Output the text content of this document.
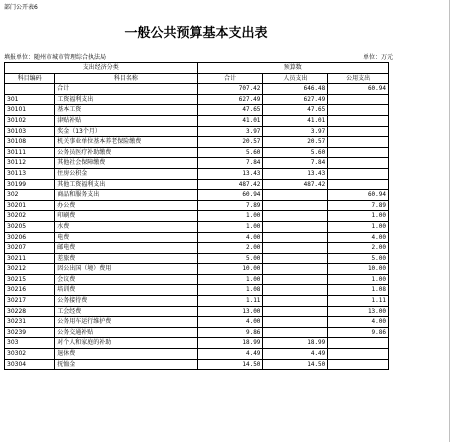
部门公开表6
一般公共预算基本支出表
填报单位：随州市城市管理综合执法局	单位：万元
支出经济分类		预算数		
科目编码	科目名称	合计	人员支出	公用支出
	合计	707.42	646.48	60.94
301	工资福利支出	627.49	627.49	
30101	基本工资	47.65	47.65	
30102	津贴补贴	41.01	41.01	
30103	奖金（13个月）	3.97	3.97	
30108	机关事业单位基本养老保险缴费	20.57	20.57	
30111	公务员医疗补助缴费	5.60	5.60	
30112	其他社会保障缴费	7.84	7.84	
30113	住房公积金	13.43	13.43	
30199	其他工资福利支出	487.42	487.42	
302	商品和服务支出	60.94		60.94
30201	办公费	7.89		7.89
30202	印刷费	1.00		1.00
30205	水费	1.00		1.00
30206	电费	4.00		4.00
30207	邮电费	2.00		2.00
30211	差旅费	5.00		5.00
30212	因公出国（境）费用	10.00		10.00
30215	会议费	1.00		1.00
30216	培训费	1.08		1.08
30217	公务接待费	1.11		1.11
30228	工会经费	13.00		13.00
30231	公务用车运行维护费	4.00		4.00
30239	公务交通补贴	9.86		9.86
303	对个人和家庭的补助	18.99	18.99	
30302	退休费	4.49	4.49	
30304	抚恤金	14.50	14.50	
